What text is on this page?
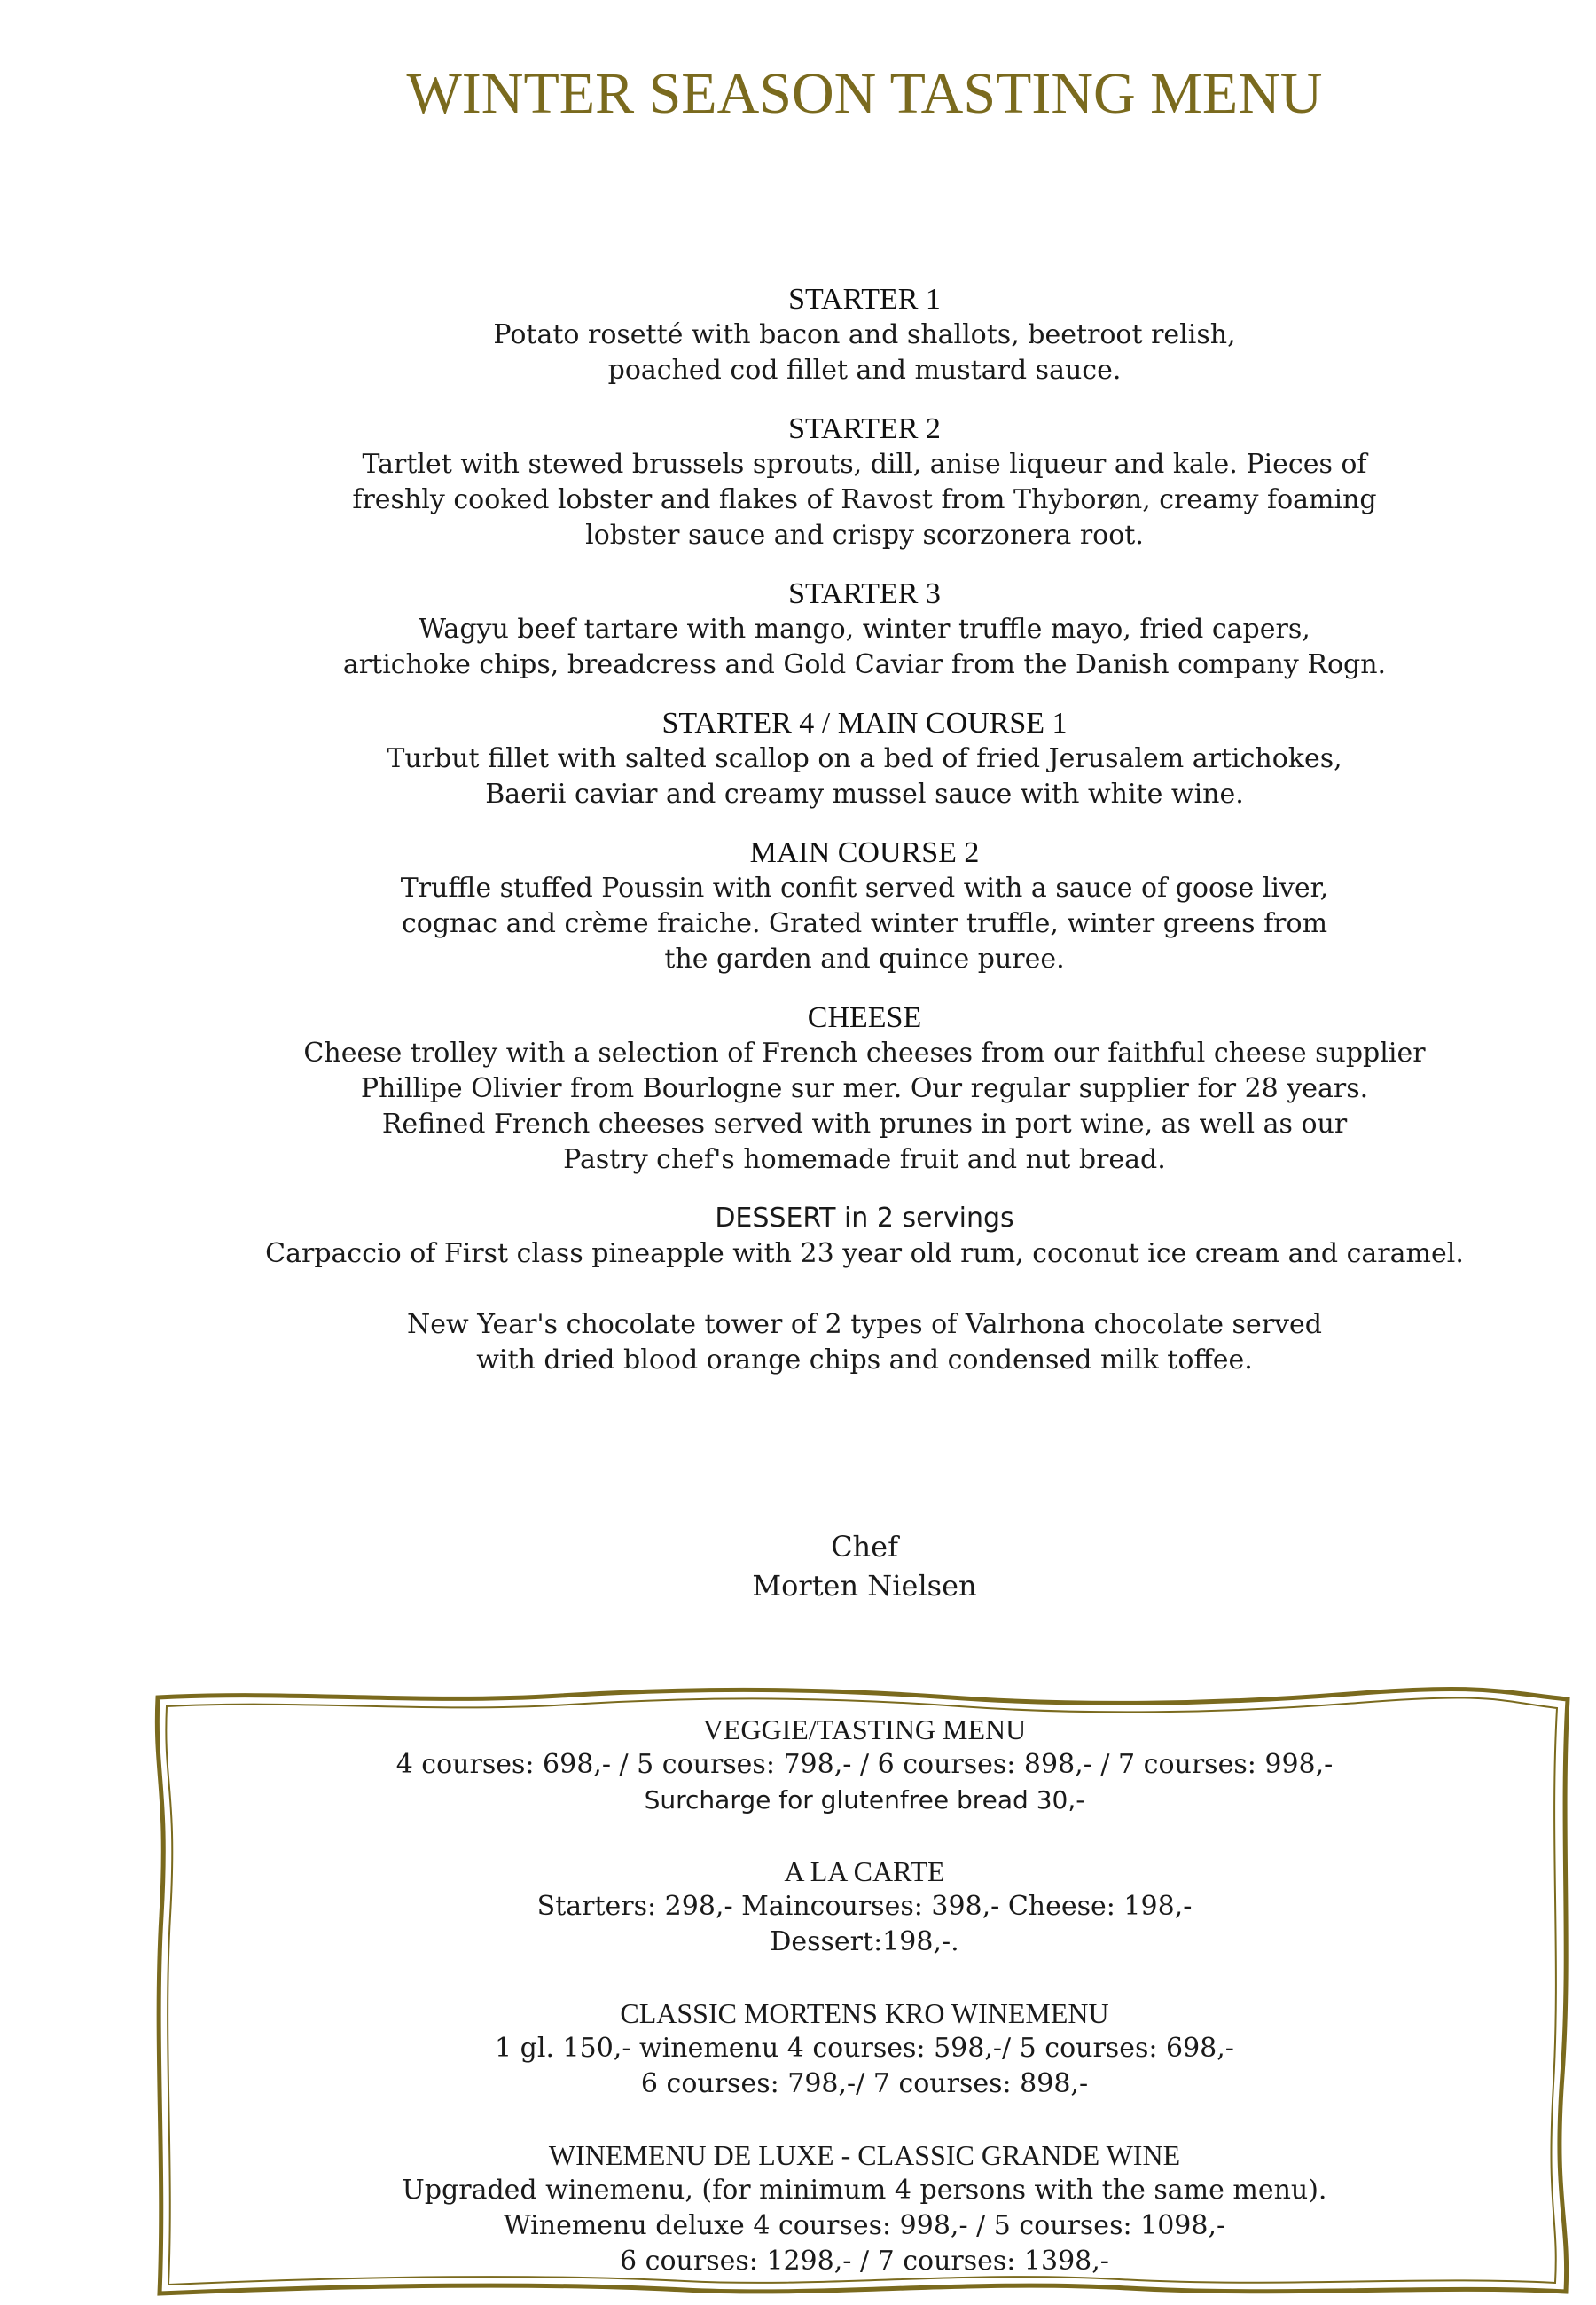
WINTER SEASON TASTING MENU
STARTER 1
Potato rosetté with bacon and shallots, beetroot relish,
poached cod fillet and mustard sauce.
STARTER 2
Tartlet with stewed brussels sprouts, dill, anise liqueur and kale. Pieces of
freshly cooked lobster and flakes of Ravost from Thyborøn, creamy foaming
lobster sauce and crispy scorzonera root.
STARTER 3
Wagyu beef tartare with mango, winter truffle mayo, fried capers,
artichoke chips, breadcress and Gold Caviar from the Danish company Rogn.
STARTER 4 / MAIN COURSE 1
Turbut fillet with salted scallop on a bed of fried Jerusalem artichokes,
Baerii caviar and creamy mussel sauce with white wine.
MAIN COURSE 2
Truffle stuffed Poussin with confit served with a sauce of goose liver,
cognac and crème fraiche. Grated winter truffle, winter greens from
the garden and quince puree.
CHEESE
Cheese trolley with a selection of French cheeses from our faithful cheese supplier
Phillipe Olivier from Bourlogne sur mer. Our regular supplier for 28 years.
Refined French cheeses served with prunes in port wine, as well as our
Pastry chef's homemade fruit and nut bread.
DESSERT in 2 servings
Carpaccio of First class pineapple with 23 year old rum, coconut ice cream and caramel.
New Year's chocolate tower of 2 types of Valrhona chocolate served
with dried blood orange chips and condensed milk toffee.
Chef
Morten Nielsen
VEGGIE/TASTING MENU
4 courses: 698,- / 5 courses: 798,- / 6 courses: 898,- / 7 courses: 998,-
Surcharge for glutenfree bread 30,-
A LA CARTE
Starters: 298,- Maincourses: 398,- Cheese: 198,-
Dessert:198,-.
CLASSIC MORTENS KRO WINEMENU
1 gl. 150,- winemenu 4 courses: 598,-/ 5 courses: 698,-
6 courses: 798,-/ 7 courses: 898,-
WINEMENU DE LUXE - CLASSIC GRANDE WINE
Upgraded winemenu, (for minimum 4 persons with the same menu).
Winemenu deluxe 4 courses: 998,- / 5 courses: 1098,-
6 courses: 1298,- / 7 courses: 1398,-
